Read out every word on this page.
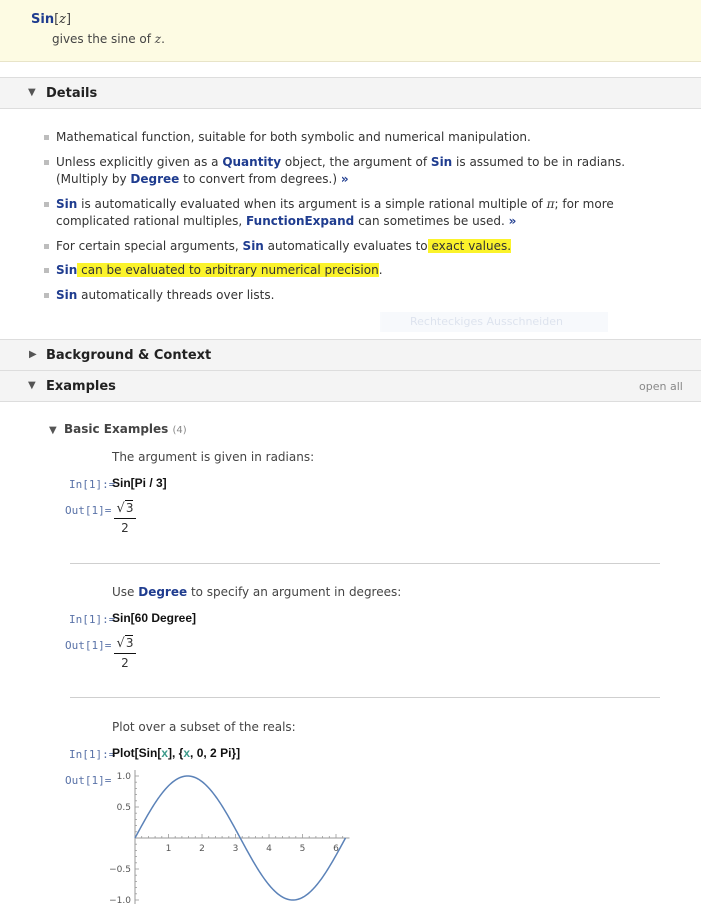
Sin[z]
gives the sine of z.
▼ Details
Mathematical function, suitable for both symbolic and numerical manipulation.
Unless explicitly given as a Quantity object, the argument of Sin is assumed to be in radians. (Multiply by Degree to convert from degrees.) »
Sin is automatically evaluated when its argument is a simple rational multiple of π; for more complicated rational multiples, FunctionExpand can sometimes be used. »
For certain special arguments, Sin automatically evaluates to exact values.
Sin can be evaluated to arbitrary numerical precision.
Sin automatically threads over lists.
Rechteckiges Ausschneiden
▶ Background & Context
▼ Examples	open all
▼ Basic Examples (4)
The argument is given in radians:
In[1]:=
Sin[Pi / 3]
Out[1]= √3
2
Use Degree to specify an argument in degrees:
In[1]:=
Sin[60 Degree]
Out[1]= √3
2
Plot over a subset of the reals:
In[1]:=
Plot[Sin[x], {x, 0, 2 Pi}]
Out[1]=
1	2	3	4	5	6
1.0
0.5
−0.5
−1.0
